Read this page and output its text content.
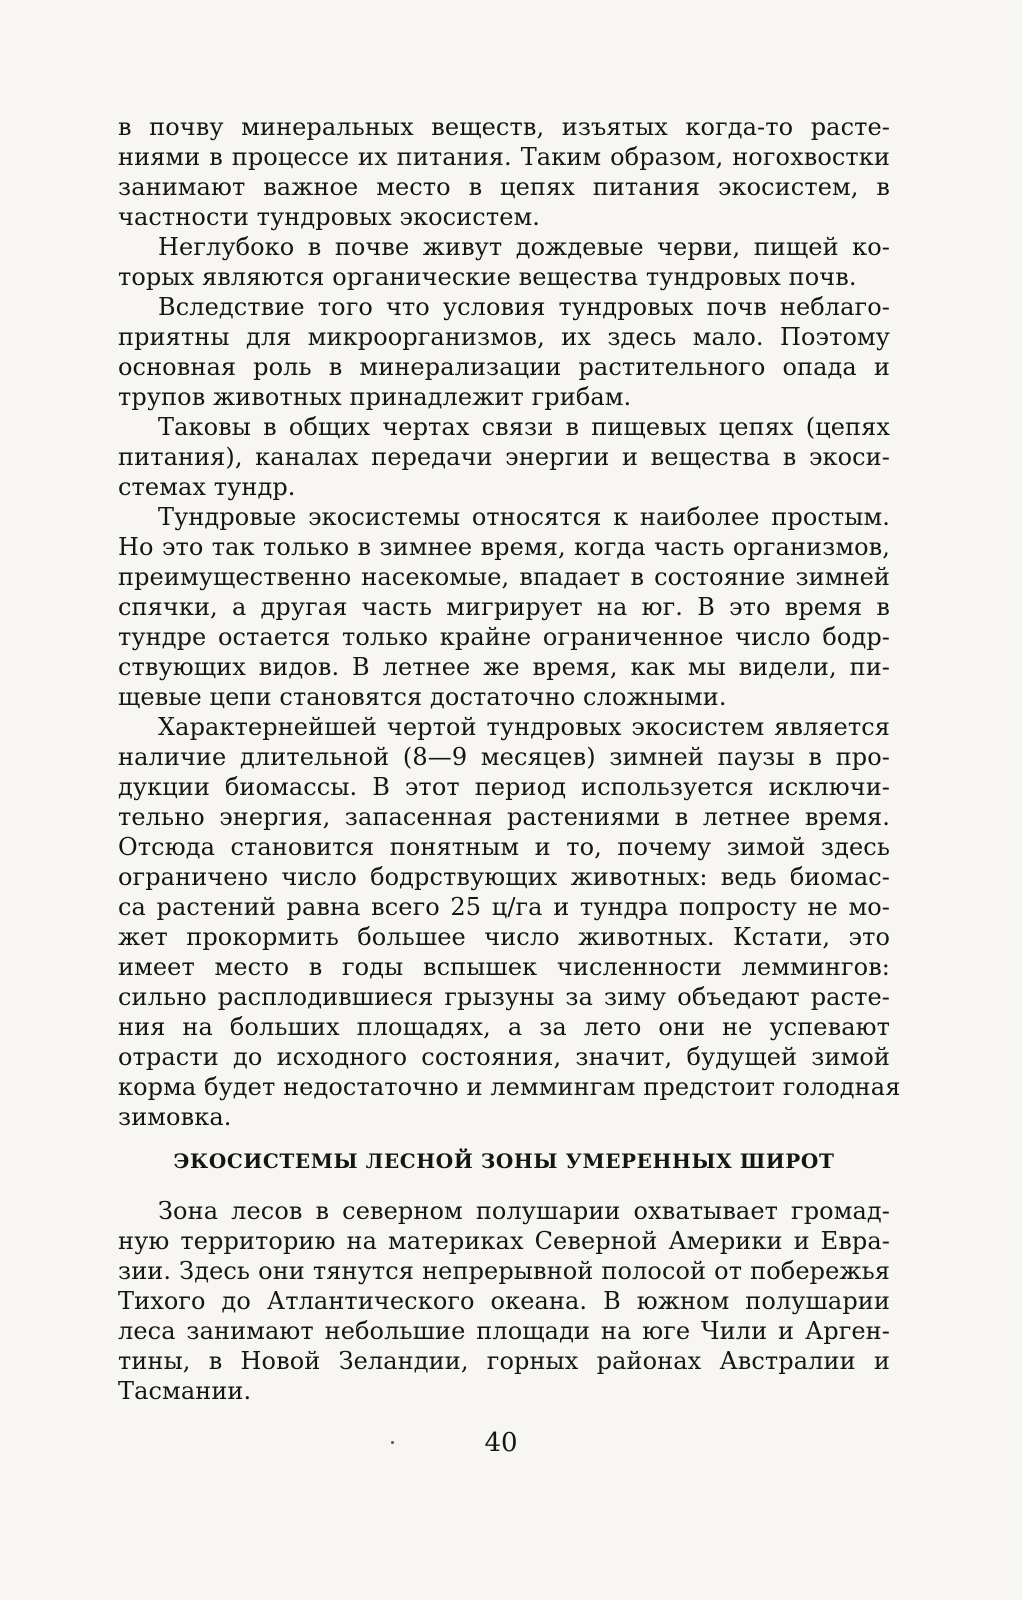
в почву минеральных веществ, изъятых когда-то расте-
ниями в процессе их питания. Таким образом, ногохвостки
занимают важное место в цепях питания экосистем, в
частности тундровых экосистем.
Неглубоко в почве живут дождевые черви, пищей ко-
торых являются органические вещества тундровых почв.
Вследствие того что условия тундровых почв неблаго-
приятны для микроорганизмов, их здесь мало. Поэтому
основная роль в минерализации растительного опада и
трупов животных принадлежит грибам.
Таковы в общих чертах связи в пищевых цепях (цепях
питания), каналах передачи энергии и вещества в экоси-
стемах тундр.
Тундровые экосистемы относятся к наиболее простым.
Но это так только в зимнее время, когда часть организмов,
преимущественно насекомые, впадает в состояние зимней
спячки, а другая часть мигрирует на юг. В это время в
тундре остается только крайне ограниченное число бодр-
ствующих видов. В летнее же время, как мы видели, пи-
щевые цепи становятся достаточно сложными.
Характернейшей чертой тундровых экосистем является
наличие длительной (8—9 месяцев) зимней паузы в про-
дукции биомассы. В этот период используется исключи-
тельно энергия, запасенная растениями в летнее время.
Отсюда становится понятным и то, почему зимой здесь
ограничено число бодрствующих животных: ведь биомас-
са растений равна всего 25 ц/га и тундра попросту не мо-
жет прокормить большее число животных. Кстати, это
имеет место в годы вспышек численности леммингов:
сильно расплодившиеся грызуны за зиму объедают расте-
ния на больших площадях, а за лето они не успевают
отрасти до исходного состояния, значит, будущей зимой
корма будет недостаточно и леммингам предстоит голодная
зимовка.
ЭКОСИСТЕМЫ ЛЕСНОЙ ЗОНЫ УМЕРЕННЫХ ШИРОТ
Зона лесов в северном полушарии охватывает громад-
ную территорию на материках Северной Америки и Евра-
зии. Здесь они тянутся непрерывной полосой от побережья
Тихого до Атлантического океана. В южном полушарии
леса занимают небольшие площади на юге Чили и Арген-
тины, в Новой Зеландии, горных районах Австралии и
Тасмании.
40
